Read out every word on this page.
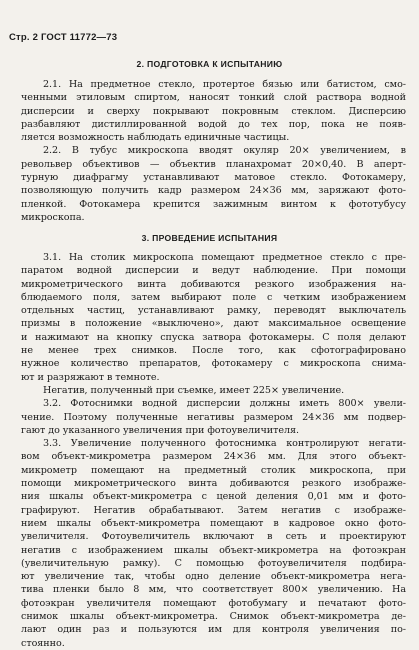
Стр. 2 ГОСТ 11772—73
2. ПОДГОТОВКА К ИСПЫТАНИЮ
2.1. На предметное стекло, протертое бязью или батистом, смо-
ченными этиловым спиртом, наносят тонкий слой раствора водной
дисперсии и сверху покрывают покровным стеклом. Дисперсию
разбавляют дистиллированной водой до тех пор, пока не появ-
ляется возможность наблюдать единичные частицы.
2.2. В тубус микроскопа вводят окуляр 20× увеличением, в
револьвер объективов — объектив планахромат 20×0,40. В аперт-
турную диафрагму устанавливают матовое стекло. Фотокамеру,
позволяющую получить кадр размером 24×36 мм, заряжают фото-
пленкой. Фотокамера крепится зажимным винтом к фототубусу
микроскопа.
3. ПРОВЕДЕНИЕ ИСПЫТАНИЯ
3.1. На столик микроскопа помещают предметное стекло с пре-
паратом водной дисперсии и ведут наблюдение. При помощи
микрометрического винта добиваются резкого изображения на-
блюдаемого поля, затем выбирают поле с четким изображением
отдельных частиц, устанавливают рамку, переводят выключатель
призмы в положение «выключено», дают максимальное освещение
и нажимают на кнопку спуска затвора фотокамеры. С поля делают
не менее трех снимков. После того, как сфотографировано
нужное количество препаратов, фотокамеру с микроскопа снима-
ют и разряжают в темноте.
Негатив, полученный при съемке, имеет 225× увеличение.
3.2. Фотоснимки водной дисперсии должны иметь 800× увели-
чение. Поэтому полученные негативы размером 24×36 мм подвер-
гают до указанного увеличения при фотоувеличителя.
3.3. Увеличение полученного фотоснимка контролируют негати-
вом объект-микрометра размером 24×36 мм. Для этого объект-
микрометр помещают на предметный столик микроскопа, при
помощи микрометрического винта добиваются резкого изображе-
ния шкалы объект-микрометра с ценой деления 0,01 мм и фото-
графируют. Негатив обрабатывают. Затем негатив с изображе-
нием шкалы объект-микрометра помещают в кадровое окно фото-
увеличителя. Фотоувеличитель включают в сеть и проектируют
негатив с изображением шкалы объект-микрометра на фотоэкран
(увеличительную рамку). С помощью фотоувеличителя подбира-
ют увеличение так, чтобы одно деление объект-микрометра нега-
тива пленки было 8 мм, что соответствует 800× увеличению. На
фотоэкран увеличителя помещают фотобумагу и печатают фото-
снимок шкалы объект-микрометра. Снимок объект-микрометра де-
лают один раз и пользуются им для контроля увеличения по-
стоянно.
